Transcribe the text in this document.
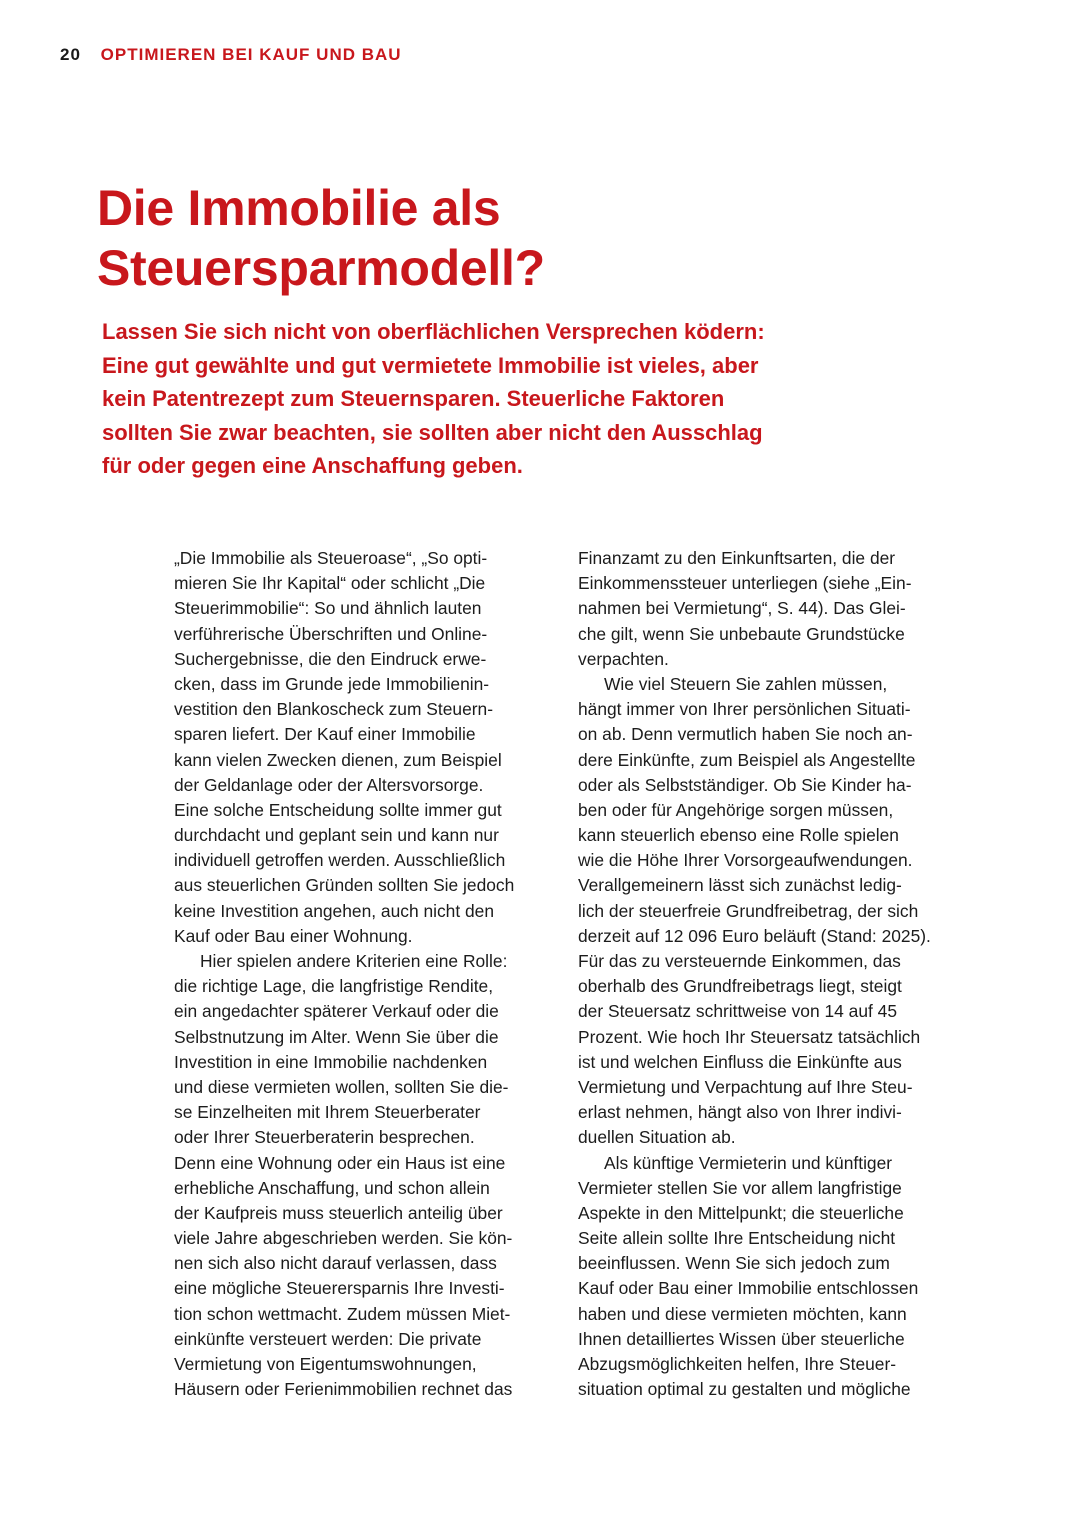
20 OPTIMIEREN BEI KAUF UND BAU
Die Immobilie als
Steuersparmodell?

Lassen Sie sich nicht von oberflächlichen Versprechen ködern:
Eine gut gewählte und gut vermietete Immobilie ist vieles, aber
kein Patentrezept zum Steuernsparen. Steuerliche Faktoren
sollten Sie zwar beachten, sie sollten aber nicht den Ausschlag
für oder gegen eine Anschaffung geben.

„Die Immobilie als Steueroase“, „So opti-
mieren Sie Ihr Kapital“ oder schlicht „Die
Steuerimmobilie“: So und ähnlich lauten
verführerische Überschriften und Online-
Suchergebnisse, die den Eindruck erwe-
cken, dass im Grunde jede Immobilienin-
vestition den Blankoscheck zum Steuern-
sparen liefert. Der Kauf einer Immobilie
kann vielen Zwecken dienen, zum Beispiel
der Geldanlage oder der Altersvorsorge.
Eine solche Entscheidung sollte immer gut
durchdacht und geplant sein und kann nur
individuell getroffen werden. Ausschließlich
aus steuerlichen Gründen sollten Sie jedoch
keine Investition angehen, auch nicht den
Kauf oder Bau einer Wohnung.
Hier spielen andere Kriterien eine Rolle:
die richtige Lage, die langfristige Rendite,
ein angedachter späterer Verkauf oder die
Selbstnutzung im Alter. Wenn Sie über die
Investition in eine Immobilie nachdenken
und diese vermieten wollen, sollten Sie die-
se Einzelheiten mit Ihrem Steuerberater
oder Ihrer Steuerberaterin besprechen.
Denn eine Wohnung oder ein Haus ist eine
erhebliche Anschaffung, und schon allein
der Kaufpreis muss steuerlich anteilig über
viele Jahre abgeschrieben werden. Sie kön-
nen sich also nicht darauf verlassen, dass
eine mögliche Steuerersparnis Ihre Investi-
tion schon wettmacht. Zudem müssen Miet-
einkünfte versteuert werden: Die private
Vermietung von Eigentumswohnungen,
Häusern oder Ferienimmobilien rechnet das
Finanzamt zu den Einkunftsarten, die der
Einkommenssteuer unterliegen (siehe „Ein-
nahmen bei Vermietung“, S. 44). Das Glei-
che gilt, wenn Sie unbebaute Grundstücke
verpachten.
Wie viel Steuern Sie zahlen müssen,
hängt immer von Ihrer persönlichen Situati-
on ab. Denn vermutlich haben Sie noch an-
dere Einkünfte, zum Beispiel als Angestellte
oder als Selbstständiger. Ob Sie Kinder ha-
ben oder für Angehörige sorgen müssen,
kann steuerlich ebenso eine Rolle spielen
wie die Höhe Ihrer Vorsorgeaufwendungen.
Verallgemeinern lässt sich zunächst ledig-
lich der steuerfreie Grundfreibetrag, der sich
derzeit auf 12 096 Euro beläuft (Stand: 2025).
Für das zu versteuernde Einkommen, das
oberhalb des Grundfreibetrags liegt, steigt
der Steuersatz schrittweise von 14 auf 45
Prozent. Wie hoch Ihr Steuersatz tatsächlich
ist und welchen Einfluss die Einkünfte aus
Vermietung und Verpachtung auf Ihre Steu-
erlast nehmen, hängt also von Ihrer indivi-
duellen Situation ab.
Als künftige Vermieterin und künftiger
Vermieter stellen Sie vor allem langfristige
Aspekte in den Mittelpunkt; die steuerliche
Seite allein sollte Ihre Entscheidung nicht
beeinflussen. Wenn Sie sich jedoch zum
Kauf oder Bau einer Immobilie entschlossen
haben und diese vermieten möchten, kann
Ihnen detailliertes Wissen über steuerliche
Abzugsmöglichkeiten helfen, Ihre Steuer-
situation optimal zu gestalten und mögliche
